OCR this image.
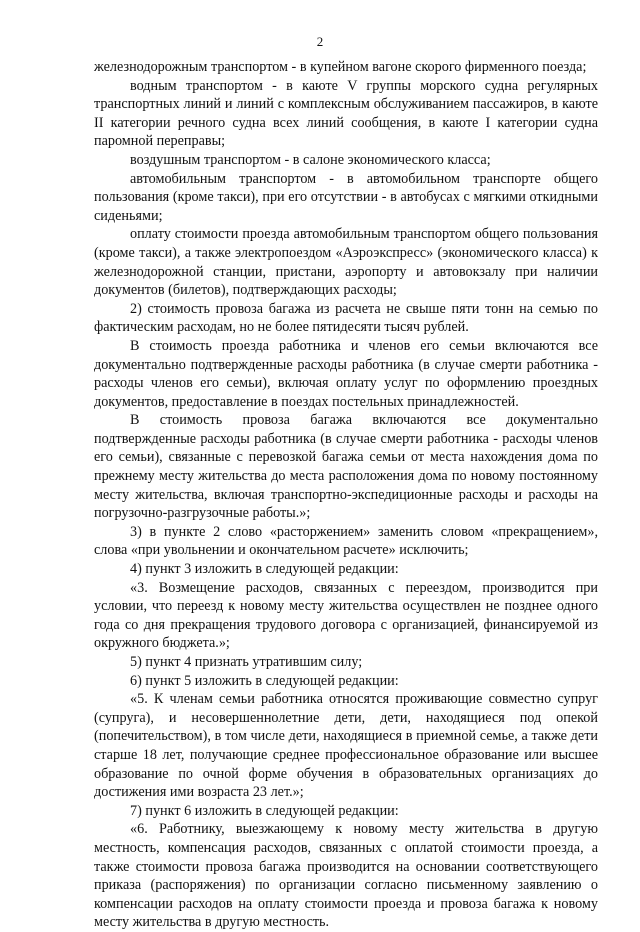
2

железнодорожным транспортом - в купейном вагоне скорого фирменного поезда;

водным транспортом - в каюте V группы морского судна регулярных транспортных линий и линий с комплексным обслуживанием пассажиров, в каюте II категории речного судна всех линий сообщения, в каюте I категории судна паромной переправы;

воздушным транспортом - в салоне экономического класса;

автомобильным транспортом - в автомобильном транспорте общего пользования (кроме такси), при его отсутствии - в автобусах с мягкими откидными сиденьями;

оплату стоимости проезда автомобильным транспортом общего пользования (кроме такси), а также электропоездом «Аэроэкспресс» (экономического класса) к железнодорожной станции, пристани, аэропорту и автовокзалу при наличии документов (билетов), подтверждающих расходы;

2) стоимость провоза багажа из расчета не свыше пяти тонн на семью по фактическим расходам, но не более пятидесяти тысяч рублей.

В стоимость проезда работника и членов его семьи включаются все документально подтвержденные расходы работника (в случае смерти работника - расходы членов его семьи), включая оплату услуг по оформлению проездных документов, предоставление в поездах постельных принадлежностей.

В стоимость провоза багажа включаются все документально подтвержденные расходы работника (в случае смерти работника - расходы членов его семьи), связанные с перевозкой багажа семьи от места нахождения дома по прежнему месту жительства до места расположения дома по новому постоянному месту жительства, включая транспортно-экспедиционные расходы и расходы на погрузочно-разгрузочные работы.»;

3) в пункте 2 слово «расторжением» заменить словом «прекращением», слова «при увольнении и окончательном расчете» исключить;

4) пункт 3 изложить в следующей редакции:

«3. Возмещение расходов, связанных с переездом, производится при условии, что переезд к новому месту жительства осуществлен не позднее одного года со дня прекращения трудового договора с организацией, финансируемой из окружного бюджета.»;

5) пункт 4 признать утратившим силу;

6) пункт 5 изложить в следующей редакции:

«5. К членам семьи работника относятся проживающие совместно супруг (супруга), и несовершеннолетние дети, дети, находящиеся под опекой (попечительством), в том числе дети, находящиеся в приемной семье, а также дети старше 18 лет, получающие среднее профессиональное образование или высшее образование по очной форме обучения в образовательных организациях до достижения ими возраста 23 лет.»;

7) пункт 6 изложить в следующей редакции:

«6. Работнику, выезжающему к новому месту жительства в другую местность, компенсация расходов, связанных с оплатой стоимости проезда, а также стоимости провоза багажа производится на основании соответствующего приказа (распоряжения) по организации согласно письменному заявлению о компенсации расходов на оплату стоимости проезда и провоза багажа к новому месту жительства в другую местность.
